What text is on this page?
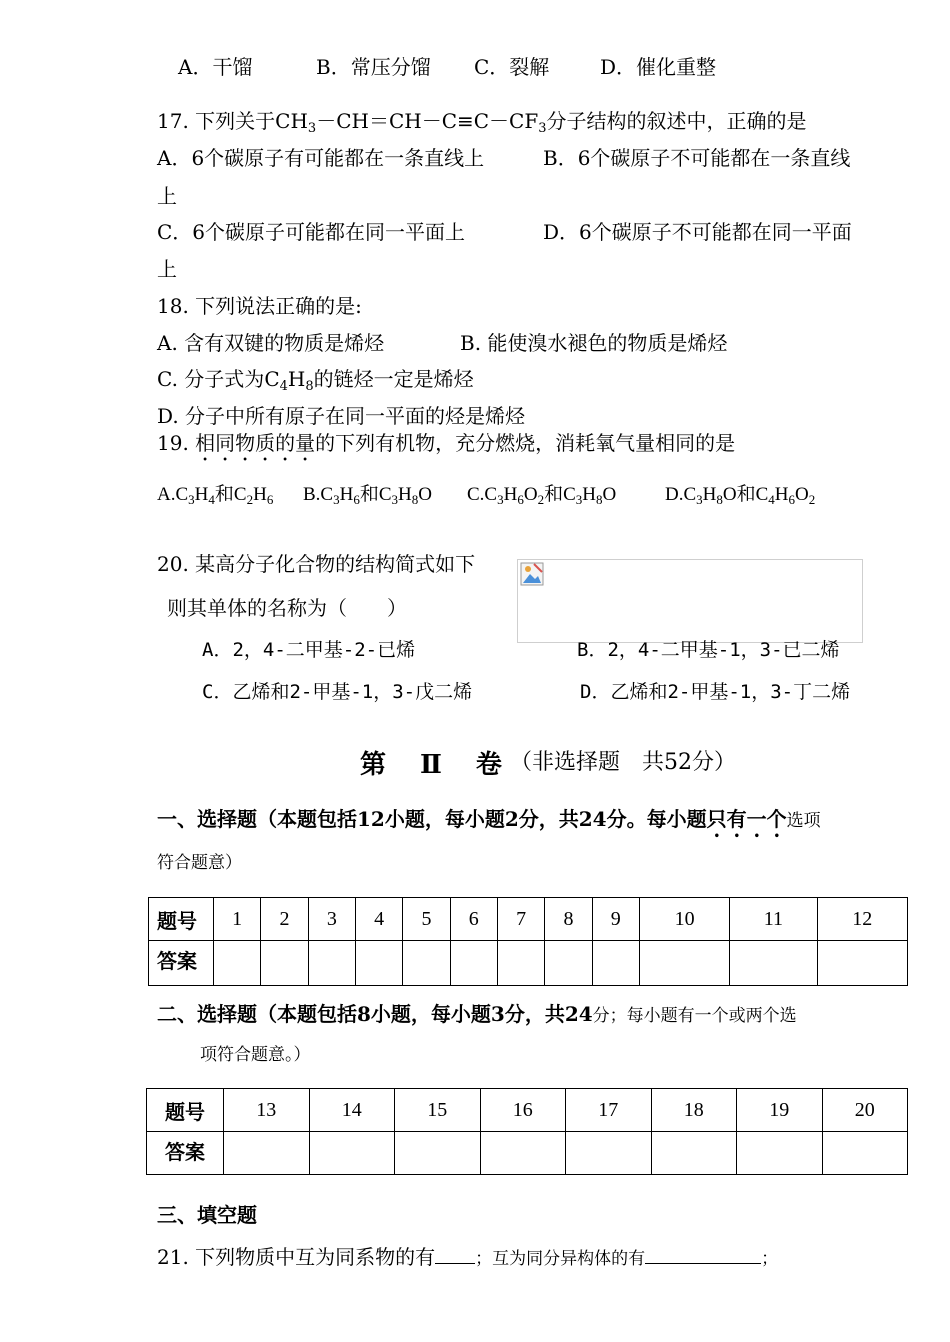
A．干馏	B．常压分馏 C．裂解	D．催化重整
17. 下列关于$CH_3-CH=CH-C\equiv C-CF_3$分子结构的叙述中，正确的是
A．6个碳原子有可能都在一条直线上	B．6个碳原子不可能都在一条直线
上
C．6个碳原子可能都在同一平面上	D．6个碳原子不可能都在同一平面
上
18. 下列说法正确的是:
A. 含有双键的物质是烯烃	B. 能使溴水褪色的物质是烯烃
C. 分子式为$C_4H_8$的链烃一定是烯烃
D. 分子中所有原子在同一平面的烃是烯烃
19. 相同物质的量的下列有机物，充分燃烧，消耗氧气量相同的是
$A.C_3H_4$和$C_2H_6$ $B.C_3H_6$和$C_3H_8O$ $C.C_3H_6O_2$和$C_3H_8O$	$D.C_3H_8O$和$C_4H_6O_2$
20. 某高分子化合物的结构简式如下
则其单体的名称为（　　）
A．2，4-二甲基-2-已烯	B．2，4-二甲基-1，3-已二烯
C．乙烯和2-甲基-1，3-戊二烯	D．乙烯和2-甲基-1，3-丁二烯
第　Ⅱ　卷 （非选择题　共52分）
一、选择题（本题包括12小题，每小题2分，共24分。每小题只有一个选项
符合题意）
题号	1	2	3	4	5	6	7	8	9	10	11	12
答案												
二、选择题（本题包括8小题，每小题3分，共24分；每小题有一个或两个选
项符合题意。）
题号	13	14	15	16	17	18	19	20
答案								
三、填空题
21. 下列物质中互为同系物的有 ；互为同分异构体的有	；
